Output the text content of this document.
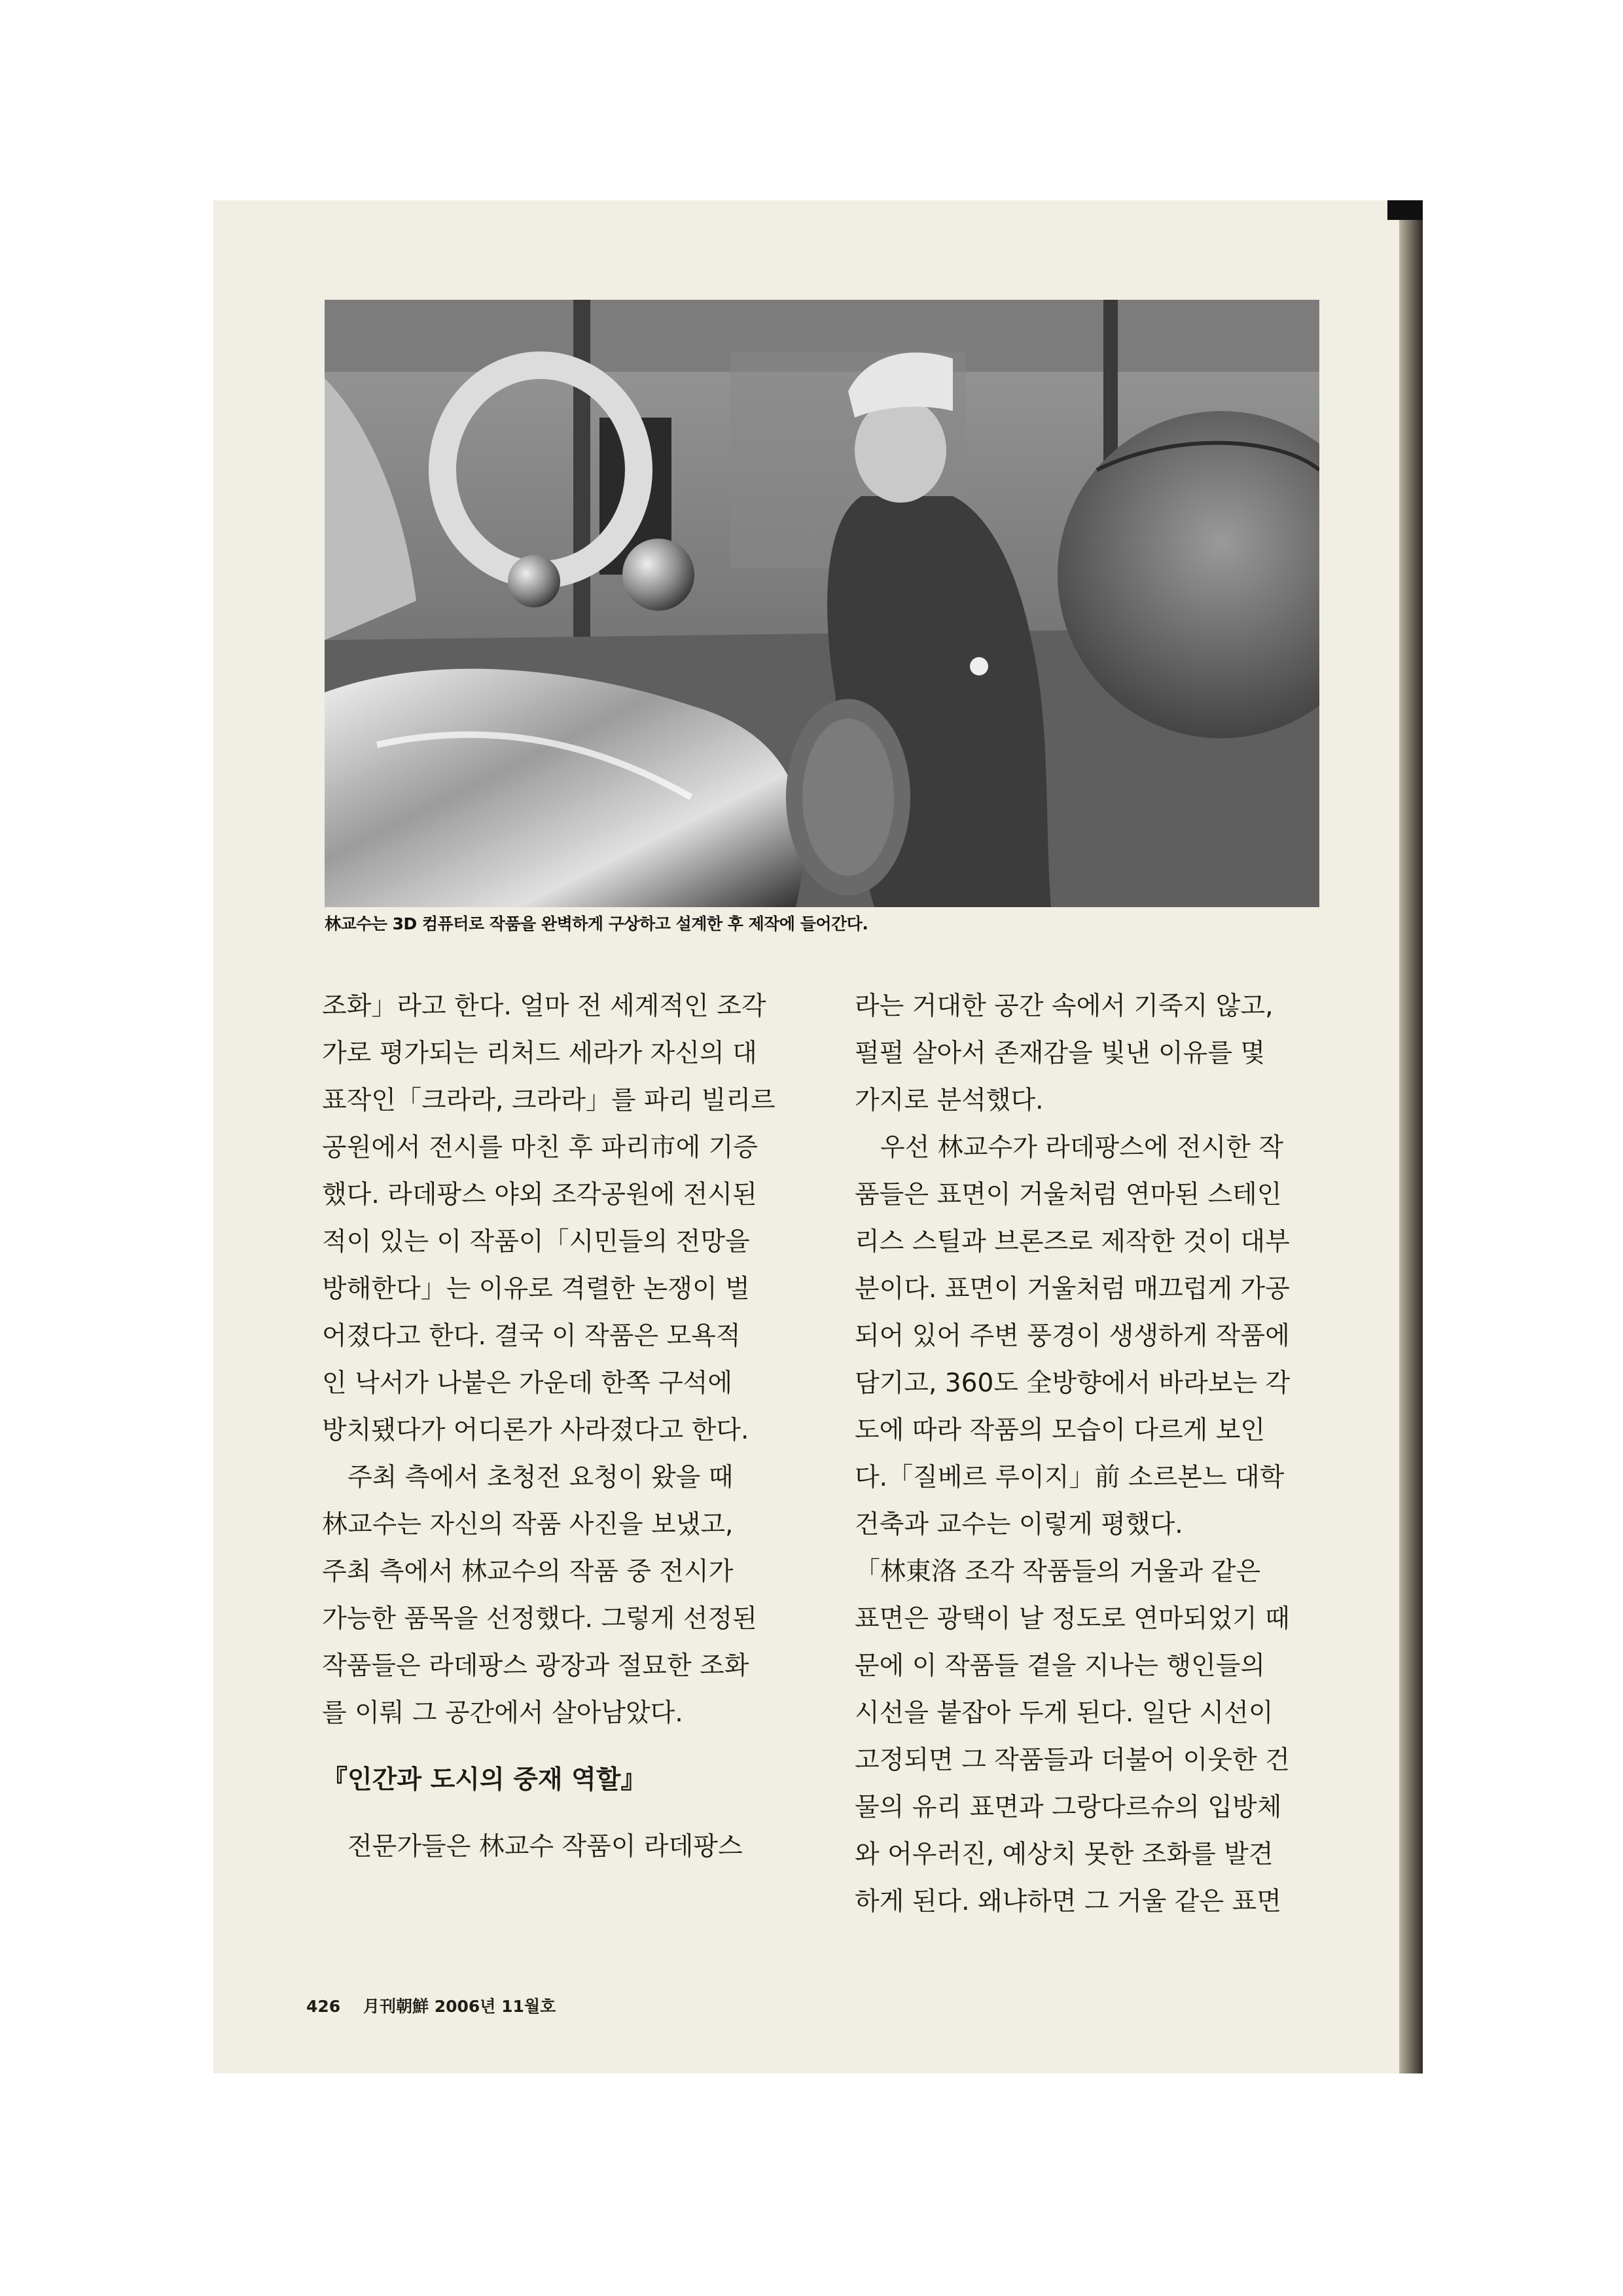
林교수는 3D 컴퓨터로 작품을 완벽하게 구상하고 설계한 후 제작에 들어간다.

조화」라고 한다. 얼마 전 세계적인 조각

가로 평가되는 리처드 세라가 자신의 대

표작인「크라라, 크라라」를 파리 빌리르

공원에서 전시를 마친 후 파리市에 기증

했다. 라데팡스 야외 조각공원에 전시된

적이 있는 이 작품이「시민들의 전망을

방해한다」는 이유로 격렬한 논쟁이 벌

어졌다고 한다. 결국 이 작품은 모욕적

인 낙서가 나붙은 가운데 한쪽 구석에

방치됐다가 어디론가 사라졌다고 한다.

　주최 측에서 초청전 요청이 왔을 때

林교수는 자신의 작품 사진을 보냈고,

주최 측에서 林교수의 작품 중 전시가

가능한 품목을 선정했다. 그렇게 선정된

작품들은 라데팡스 광장과 절묘한 조화

를 이뤄 그 공간에서 살아남았다.

『인간과 도시의 중재 역할』

　전문가들은 林교수 작품이 라데팡스

라는 거대한 공간 속에서 기죽지 않고,

펄펄 살아서 존재감을 빛낸 이유를 몇

가지로 분석했다.

　우선 林교수가 라데팡스에 전시한 작

품들은 표면이 거울처럼 연마된 스테인

리스 스틸과 브론즈로 제작한 것이 대부

분이다. 표면이 거울처럼 매끄럽게 가공

되어 있어 주변 풍경이 생생하게 작품에

담기고, 360도 全방향에서 바라보는 각

도에 따라 작품의 모습이 다르게 보인

다.「질베르 루이지」前 소르본느 대학

건축과 교수는 이렇게 평했다.

「林東洛 조각 작품들의 거울과 같은

표면은 광택이 날 정도로 연마되었기 때

문에 이 작품들 곁을 지나는 행인들의

시선을 붙잡아 두게 된다. 일단 시선이

고정되면 그 작품들과 더불어 이웃한 건

물의 유리 표면과 그랑다르슈의 입방체

와 어우러진, 예상치 못한 조화를 발견

하게 된다. 왜냐하면 그 거울 같은 표면

426 月刊朝鮮 2006년 11월호
